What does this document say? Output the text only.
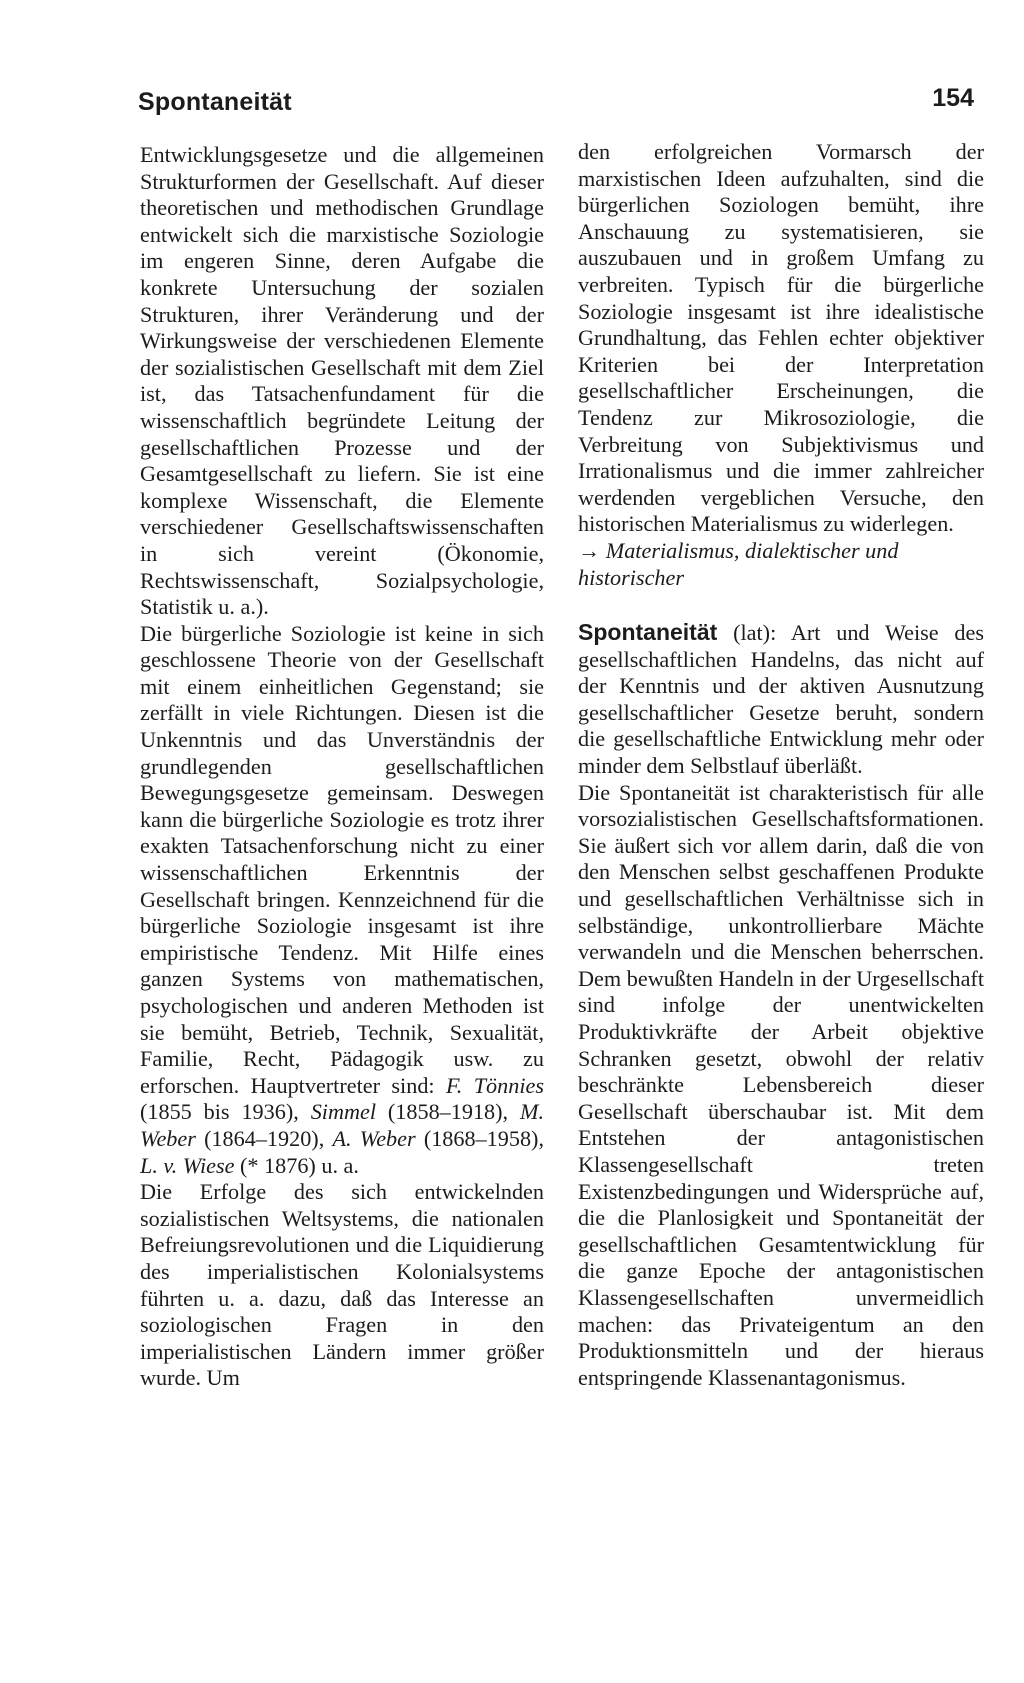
Spontaneität	154

Entwicklungsgesetze und die allgemeinen Strukturformen der Gesellschaft. Auf dieser theoretischen und methodischen Grundlage entwickelt sich die marxistische Soziologie im engeren Sinne, deren Aufgabe die konkrete Untersuchung der sozialen Strukturen, ihrer Veränderung und der Wirkungsweise der verschiedenen Elemente der sozialistischen Gesellschaft mit dem Ziel ist, das Tatsachenfundament für die wissenschaftlich begründete Leitung der gesellschaftlichen Prozesse und der Gesamtgesellschaft zu liefern. Sie ist eine komplexe Wissenschaft, die Elemente verschiedener Gesellschaftswissenschaften in sich vereint (Ökonomie, Rechtswissenschaft, Sozialpsychologie, Statistik u. a.).

Die bürgerliche Soziologie ist keine in sich geschlossene Theorie von der Gesellschaft mit einem einheitlichen Gegenstand; sie zerfällt in viele Richtungen. Diesen ist die Unkenntnis und das Unverständnis der grundlegenden gesellschaftlichen Bewegungsgesetze gemeinsam. Deswegen kann die bürgerliche Soziologie es trotz ihrer exakten Tatsachenforschung nicht zu einer wissenschaftlichen Erkenntnis der Gesellschaft bringen. Kennzeichnend für die bürgerliche Soziologie insgesamt ist ihre empiristische Tendenz. Mit Hilfe eines ganzen Systems von mathematischen, psychologischen und anderen Methoden ist sie bemüht, Betrieb, Technik, Sexualität, Familie, Recht, Pädagogik usw. zu erforschen. Hauptvertreter sind: F. Tönnies (1855 bis 1936), Simmel (1858–1918), M. Weber (1864–1920), A. Weber (1868–1958), L. v. Wiese (* 1876) u. a.

Die Erfolge des sich entwickelnden sozialistischen Weltsystems, die nationalen Befreiungsrevolutionen und die Liquidierung des imperialistischen Kolonialsystems führten u. a. dazu, daß das Interesse an soziologischen Fragen in den imperialistischen Ländern immer größer wurde. Um

den erfolgreichen Vormarsch der marxistischen Ideen aufzuhalten, sind die bürgerlichen Soziologen bemüht, ihre Anschauung zu systematisieren, sie auszubauen und in großem Umfang zu verbreiten. Typisch für die bürgerliche Soziologie insgesamt ist ihre idealistische Grundhaltung, das Fehlen echter objektiver Kriterien bei der Interpretation gesellschaftlicher Erscheinungen, die Tendenz zur Mikrosoziologie, die Verbreitung von Subjektivismus und Irrationalismus und die immer zahlreicher werdenden vergeblichen Versuche, den historischen Materialismus zu widerlegen.

→ Materialismus, dialektischer und historischer

Spontaneität (lat): Art und Weise des gesellschaftlichen Handelns, das nicht auf der Kenntnis und der aktiven Ausnutzung gesellschaftlicher Gesetze beruht, sondern die gesellschaftliche Entwicklung mehr oder minder dem Selbstlauf überläßt.

Die Spontaneität ist charakteristisch für alle vorsozialistischen Gesellschaftsformationen. Sie äußert sich vor allem darin, daß die von den Menschen selbst geschaffenen Produkte und gesellschaftlichen Verhältnisse sich in selbständige, unkontrollierbare Mächte verwandeln und die Menschen beherrschen. Dem bewußten Handeln in der Urgesellschaft sind infolge der unentwickelten Produktivkräfte der Arbeit objektive Schranken gesetzt, obwohl der relativ beschränkte Lebensbereich dieser Gesellschaft überschaubar ist. Mit dem Entstehen der antagonistischen Klassengesellschaft treten Existenzbedingungen und Widersprüche auf, die die Planlosigkeit und Spontaneität der gesellschaftlichen Gesamtentwicklung für die ganze Epoche der antagonistischen Klassengesellschaften unvermeidlich machen: das Privateigentum an den Produktionsmitteln und der hieraus entspringende Klassenantagonismus.
